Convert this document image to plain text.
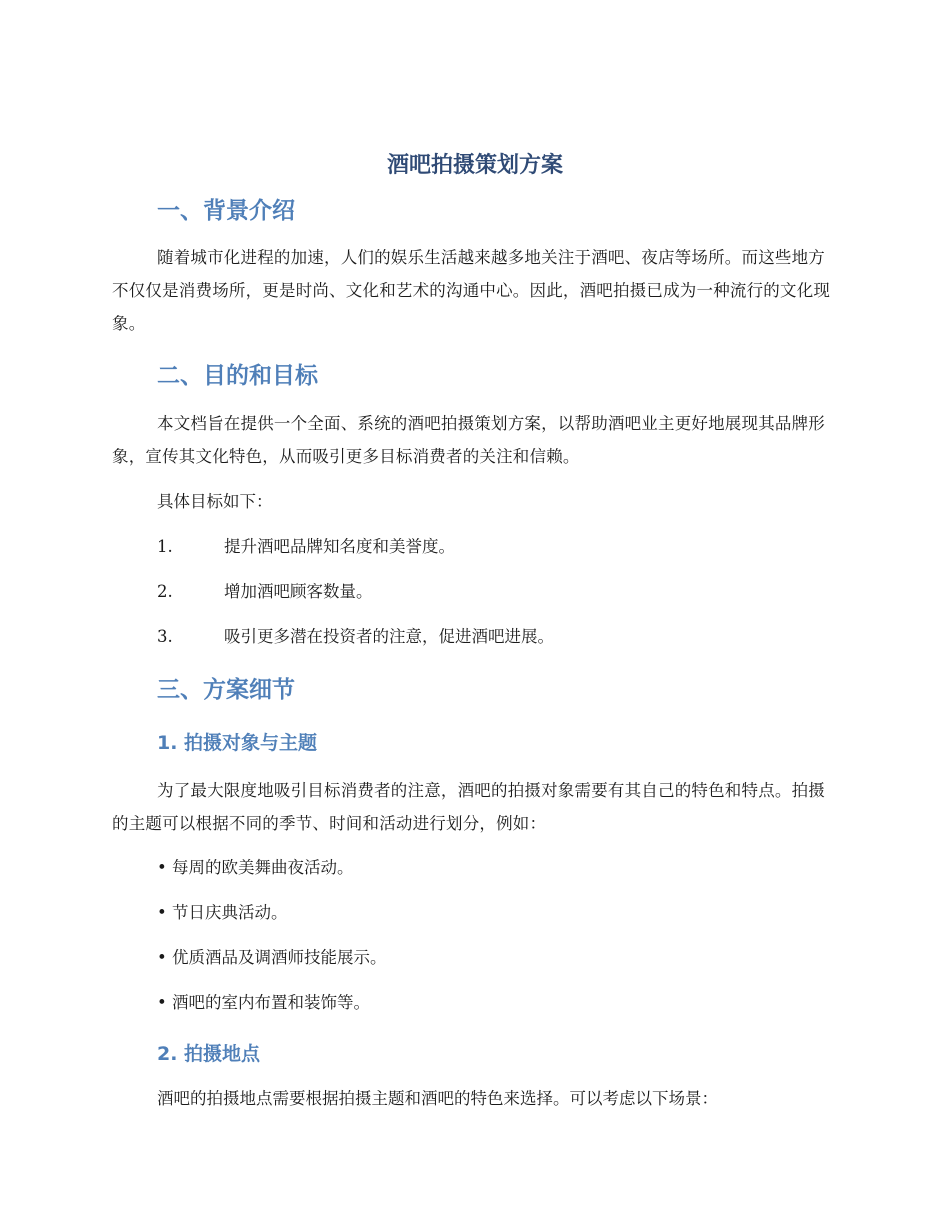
酒吧拍摄策划方案
一、背景介绍

随着城市化进程的加速，人们的娱乐生活越来越多地关注于酒吧、夜店等场所。而这些地方不仅仅是消费场所，更是时尚、文化和艺术的沟通中心。因此，酒吧拍摄已成为一种流行的文化现象。

二、目的和目标

本文档旨在提供一个全面、系统的酒吧拍摄策划方案，以帮助酒吧业主更好地展现其品牌形象，宣传其文化特色，从而吸引更多目标消费者的关注和信赖。

具体目标如下：

1.	提升酒吧品牌知名度和美誉度。

2.	增加酒吧顾客数量。

3.	吸引更多潜在投资者的注意，促进酒吧进展。

三、方案细节
1. 拍摄对象与主题

为了最大限度地吸引目标消费者的注意，酒吧的拍摄对象需要有其自己的特色和特点。拍摄的主题可以根据不同的季节、时间和活动进行划分，例如：

• 每周的欧美舞曲夜活动。

• 节日庆典活动。

• 优质酒品及调酒师技能展示。

• 酒吧的室内布置和装饰等。

2. 拍摄地点

酒吧的拍摄地点需要根据拍摄主题和酒吧的特色来选择。可以考虑以下场景：
